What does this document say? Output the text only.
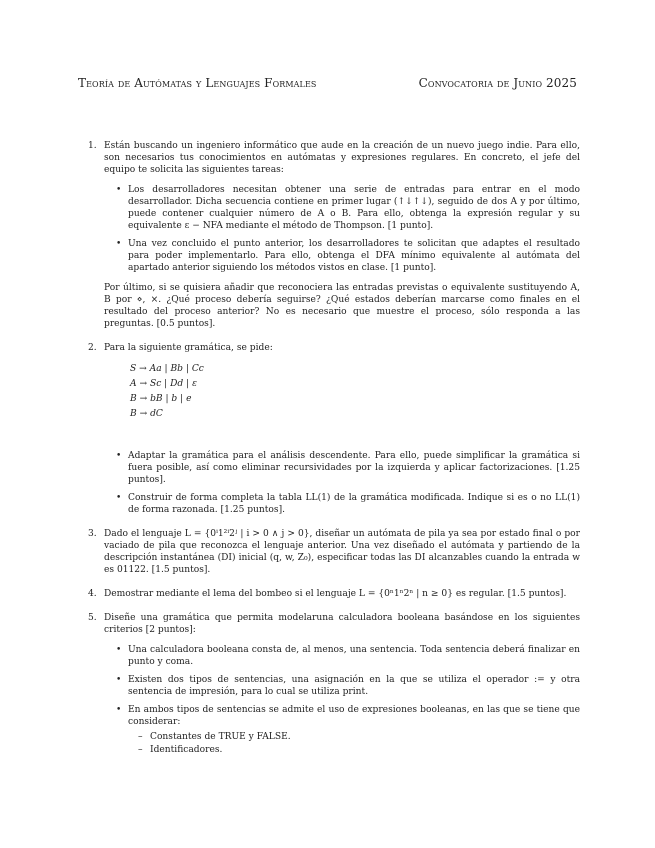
Teoría de Autómatas y Lenguajes Formales	Convocatoria de Junio 2025
1. Están buscando un ingeniero informático que aude en la creación de un nuevo juego indie. Para ello, son necesarios tus conocimientos en autómatas y expresiones regulares. En concreto, el jefe del equipo te solicita las siguientes tareas:
• Los desarrolladores necesitan obtener una serie de entradas para entrar en el modo desarrollador. Dicha secuencia contiene en primer lugar (↑↓↑↓), seguido de dos A y por último, puede contener cualquier número de A o B. Para ello, obtenga la expresión regular y su equivalente ε − NFA mediante el método de Thompson. [1 punto].
• Una vez concluido el punto anterior, los desarrolladores te solicitan que adaptes el resultado para poder implementarlo. Para ello, obtenga el DFA mínimo equivalente al autómata del apartado anterior siguiendo los métodos vistos en clase. [1 punto].
Por último, si se quisiera añadir que reconociera las entradas previstas o equivalente sustituyendo A, B por ⋄, ×. ¿Qué proceso debería seguirse? ¿Qué estados deberían marcarse como finales en el resultado del proceso anterior? No es necesario que muestre el proceso, sólo responda a las preguntas. [0.5 puntos].
2. Para la siguiente gramática, se pide:
S → Aa | Bb | Cc
A → Sc | Dd | ε
B → bB | b | e
B → dC
• Adaptar la gramática para el análisis descendente. Para ello, puede simplificar la gramática si fuera posible, así como eliminar recursividades por la izquierda y aplicar factorizaciones. [1.25 puntos].
• Construir de forma completa la tabla LL(1) de la gramática modificada. Indique si es o no LL(1) de forma razonada. [1.25 puntos].
3. Dado el lenguaje L = {0ⁱ1²ⁱ2ʲ | i > 0 ∧ j > 0}, diseñar un autómata de pila ya sea por estado final o por vaciado de pila que reconozca el lenguaje anterior. Una vez diseñado el autómata y partiendo de la descripción instantánea (DI) inicial (q, w, Z₀), especificar todas las DI alcanzables cuando la entrada w es 01122. [1.5 puntos].
4. Demostrar mediante el lema del bombeo si el lenguaje L = {0ⁿ1ⁿ2ⁿ | n ≥ 0} es regular. [1.5 puntos].
5. Diseñe una gramática que permita modelaruna calculadora booleana basándose en los siguientes criterios [2 puntos]:
• Una calculadora booleana consta de, al menos, una sentencia. Toda sentencia deberá finalizar en punto y coma.
• Existen dos tipos de sentencias, una asignación en la que se utiliza el operador := y otra sentencia de impresión, para lo cual se utiliza print.
• En ambos tipos de sentencias se admite el uso de expresiones booleanas, en las que se tiene que considerar:
– Constantes de TRUE y FALSE.
– Identificadores.
